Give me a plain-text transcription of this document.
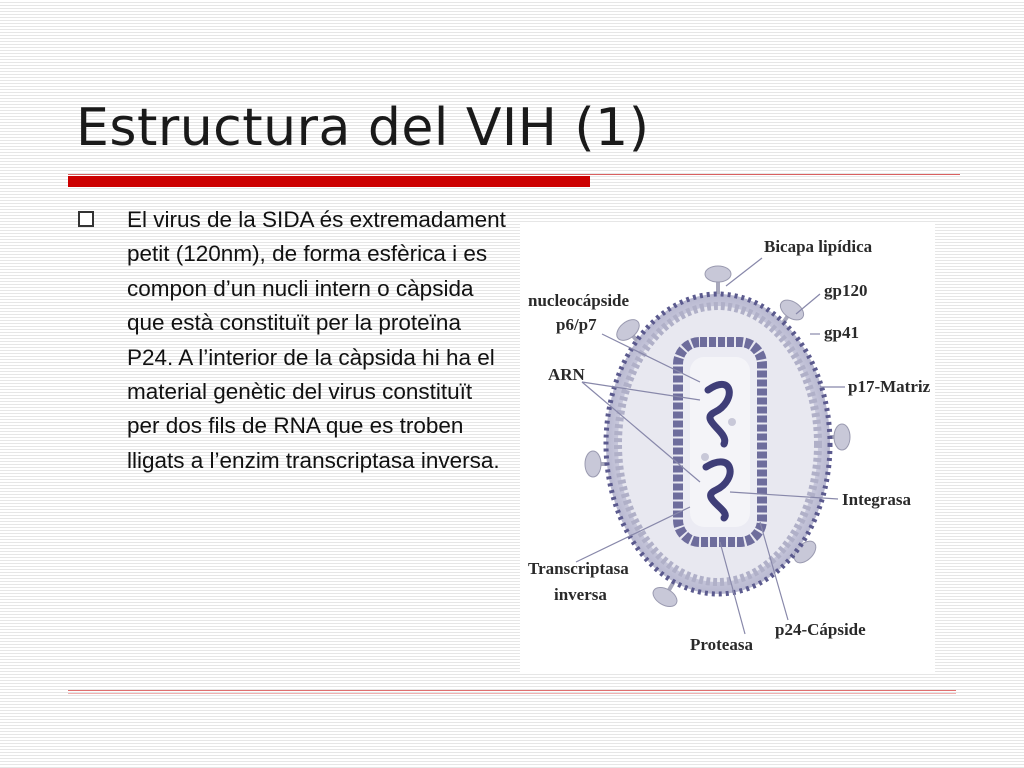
Estructura del VIH (1)

El virus de la SIDA és extremadament petit (120nm), de forma esfèrica i es compon d’un nucli intern o càpsida que està constituït per la proteïna P24. A l’interior de la càpsida hi ha el material genètic del virus constituït per dos fils de RNA que es troben lligats a l’enzim transcriptasa inversa.

Bicapa lipídica
gp120
gp41
nucleocápside
p6/p7
ARN
p17-Matriz
Integrasa
Transcriptasa
inversa
Proteasa
p24-Cápside
